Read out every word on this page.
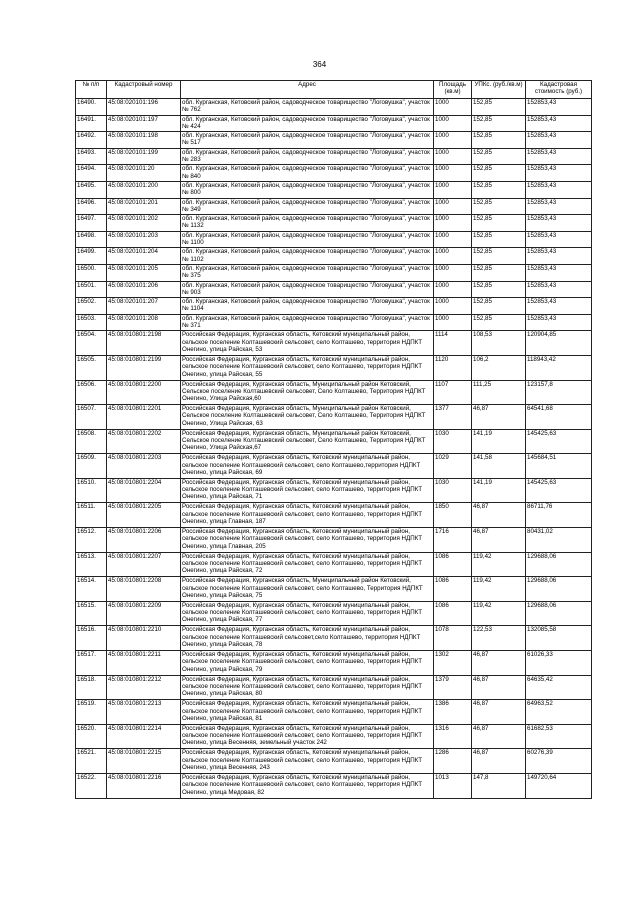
364
№ п/п	Кадастровый номер	Адрес	Площадь (кв.м)	УПКс. (руб./кв.м)	Кадастровая стоимость (руб.)
16490.	45:08:020101:196	обл. Курганская, Кетовский район, садоводческое товарищество "Логовушка", участок № 762	1000	152,85	152853,43
16491.	45:08:020101:197	обл. Курганская, Кетовский район, садоводческое товарищество "Логовушка", участок № 424	1000	152,85	152853,43
16492.	45:08:020101:198	обл. Курганская, Кетовский район, садоводческое товарищество "Логовушка", участок № 517	1000	152,85	152853,43
16493.	45:08:020101:199	обл. Курганская, Кетовский район, садоводческое товарищество "Логовушка", участок № 283	1000	152,85	152853,43
16494.	45:08:020101:20	обл. Курганская, Кетовский район, садоводческое товарищество "Логовушка", участок № 840	1000	152,85	152853,43
16495.	45:08:020101:200	обл. Курганская, Кетовский район, садоводческое товарищество "Логовушка", участок № 800	1000	152,85	152853,43
16496.	45:08:020101:201	обл. Курганская, Кетовский район, садоводческое товарищество "Логовушка", участок № 349	1000	152,85	152853,43
16497.	45:08:020101:202	обл. Курганская, Кетовский район, садоводческое товарищество "Логовушка", участок № 1132	1000	152,85	152853,43
16498.	45:08:020101:203	обл. Курганская, Кетовский район, садоводческое товарищество "Логовушка", участок № 1100	1000	152,85	152853,43
16499.	45:08:020101:204	обл. Курганская, Кетовский район, садоводческое товарищество "Логовушка", участок № 1102	1000	152,85	152853,43
16500.	45:08:020101:205	обл. Курганская, Кетовский район, садоводческое товарищество "Логовушка", участок № 375	1000	152,85	152853,43
16501.	45:08:020101:206	обл. Курганская, Кетовский район, садоводческое товарищество "Логовушка", участок № 903	1000	152,85	152853,43
16502.	45:08:020101:207	обл. Курганская, Кетовский район, садоводческое товарищество "Логовушка", участок № 1104	1000	152,85	152853,43
16503.	45:08:020101:208	обл. Курганская, Кетовский район, садоводческое товарищество "Логовушка", участок № 371	1000	152,85	152853,43
16504.	45:08:010801:2198	Российская Федерация, Курганская область, Кетовский муниципальный район, сельское поселение Колташевский сельсовет, село Колташево, территория НДПКТ Онегино, улица Райская, 53	1114	108,53	120904,85
16505.	45:08:010801:2199	Российская Федерация, Курганская область, Кетовский муниципальный район, сельское поселение Колташевский сельсовет, село Колташево, территория НДПКТ Онегино, улица Райская, 55	1120	106,2	118943,42
16506.	45:08:010801:2200	Российская Федерация, Курганская область, Муниципальный район Кетовский, Сельское поселение Колташевский сельсовет, Село Колташево, Территория НДПКТ Онегино, Улица Райская,60	1107	111,25	123157,8
16507.	45:08:010801:2201	Российская Федерация, Курганская область, Муниципальный район Кетовский, Сельское поселение Колташевский сельсовет, Село Колташево, Территория НДПКТ Онегино, Улица Райская, 63	1377	46,87	64541,68
16508.	45:08:010801:2202	Российская Федерация, Курганская область, Муниципальный район Кетовский, Сельское поселение Колташевский сельсовет, Село Колташево, Территория НДПКТ Онегино, Улица Райская,67	1030	141,19	145425,63
16509.	45:08:010801:2203	Российская Федерация, Курганская область, Кетовский муниципальный район, сельское поселение Колташевский сельсовет, село Колташево,территория НДПКТ Онегино, улица Райская, 69	1029	141,58	145684,51
16510.	45:08:010801:2204	Российская Федерация, Курганская область, Кетовский муниципальный район, сельское поселение Колташевский сельсовет, село Колташево, территория НДПКТ Онегино, улица Райская, 71	1030	141,19	145425,63
16511.	45:08:010801:2205	Российская Федерация, Курганская область, Кетовский муниципальный район, сельское поселение Колташевский сельсовет, село Колташево, территория НДПКТ Онегино, улица Главная, 187	1850	46,87	86711,76
16512.	45:08:010801:2206	Российская Федерация, Курганская область, Кетовский муниципальный район, сельское поселение Колташевский сельсовет, село Колташево, территория НДПКТ Онегино, улица Главная, 205	1716	46,87	80431,02
16513.	45:08:010801:2207	Российская Федерация, Курганская область, Кетовский муниципальный район, сельское поселение Колташевский сельсовет, село Колташево, территория НДПКТ Онегино, улица Райская, 72	1086	119,42	129688,06
16514.	45:08:010801:2208	Российская Федерация, Курганская область, Муниципальный район Кетовский, сельское поселение Колташевский сельсовет, село Колташево, Территория НДПКТ Онегино, улица Райская, 75	1086	119,42	129688,06
16515.	45:08:010801:2209	Российская Федерация, Курганская область, Кетовский муниципальный район, сельское поселение Колташевский сельсовет, село Колташево, территория НДПКТ Онегино, улица Райская, 77	1086	119,42	129688,06
16516.	45:08:010801:2210	Российская Федерация, Курганская область, Кетовский муниципальный район, сельское поселение Колташевский сельсовет,село Колташево, территория НДПКТ Онегино, улица Райская, 78	1078	122,53	132085,58
16517.	45:08:010801:2211	Российская Федерация, Курганская область, Кетовский муниципальный район, сельское поселение Колташевский сельсовет, село Колташево, территория НДПКТ Онегино, улица Райская, 79	1302	46,87	61026,33
16518.	45:08:010801:2212	Российская Федерация, Курганская область, Кетовский муниципальный район, сельское поселение Колташевский сельсовет, село Колташево, территория НДПКТ Онегино, улица Райская, 80	1379	46,87	64635,42
16519.	45:08:010801:2213	Российская Федерация, Курганская область, Кетовский муниципальный район, сельское поселение Колташевский сельсовет, село Колташево, территория НДПКТ Онегино, улица Райская, 81	1386	46,87	64963,52
16520.	45:08:010801:2214	Российская Федерация, Курганская область, Кетовский муниципальный район, сельское поселение Колташевский сельсовет, село Колташево, территория НДПКТ Онегино, улица Весенняя, земельный участок 242	1316	46,87	61682,53
16521.	45:08:010801:2215	Российская Федерация, Курганская область, Кетовский муниципальный район, сельское поселение Колташевский сельсовет, село Колташево, территория НДПКТ Онегино, улица Весенняя, 243	1286	46,87	60276,39
16522.	45:08:010801:2216	Российская Федерация, Курганская область, Кетовский муниципальный район, сельское поселение Колташевский сельсовет, село Колташево, территория НДПКТ Онегино, улица Медовая, 82	1013	147,8	149720,64
